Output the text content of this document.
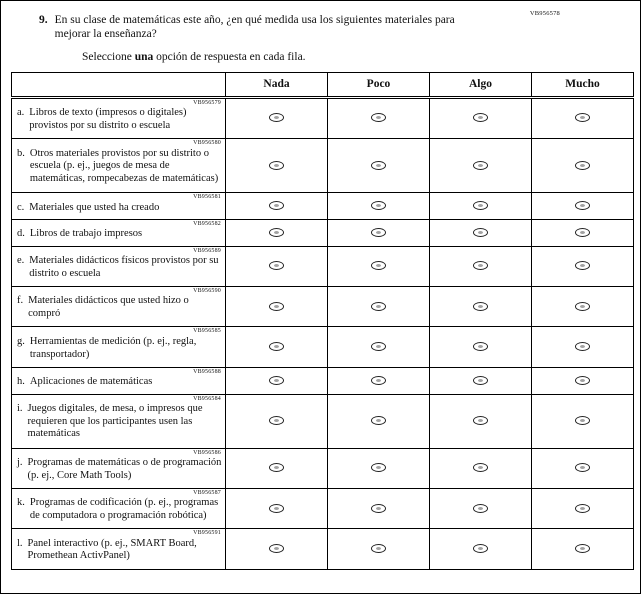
VB956578
9. En su clase de matemáticas este año, ¿en qué medida usa los siguientes materiales para mejorar la enseñanza?
Seleccione una opción de respuesta en cada fila.
	Nada	Poco	Algo	Mucho

VB956579
a. Libros de texto (impresos o digitales) provistos por su distrito o escuela				

VB956580
b. Otros materiales provistos por su distrito o escuela (p. ej., juegos de mesa de matemáticas, rompecabezas de matemáticas)				

VB956581
c. Materiales que usted ha creado				

VB956582
d. Libros de trabajo impresos				

VB956589
e. Materiales didácticos físicos provistos por su distrito o escuela				

VB956590
f. Materiales didácticos que usted hizo o compró				

VB956585
g. Herramientas de medición (p. ej., regla, transportador)				

VB956588
h. Aplicaciones de matemáticas				

VB956584
i. Juegos digitales, de mesa, o impresos que requieren que los participantes usen las matemáticas				

VB956586
j. Programas de matemáticas o de programación (p. ej., Core Math Tools)				

VB956587
k. Programas de codificación (p. ej., programas de computadora o programación robótica)				

VB956591
l. Panel interactivo (p. ej., SMART Board, Promethean ActivPanel)				
